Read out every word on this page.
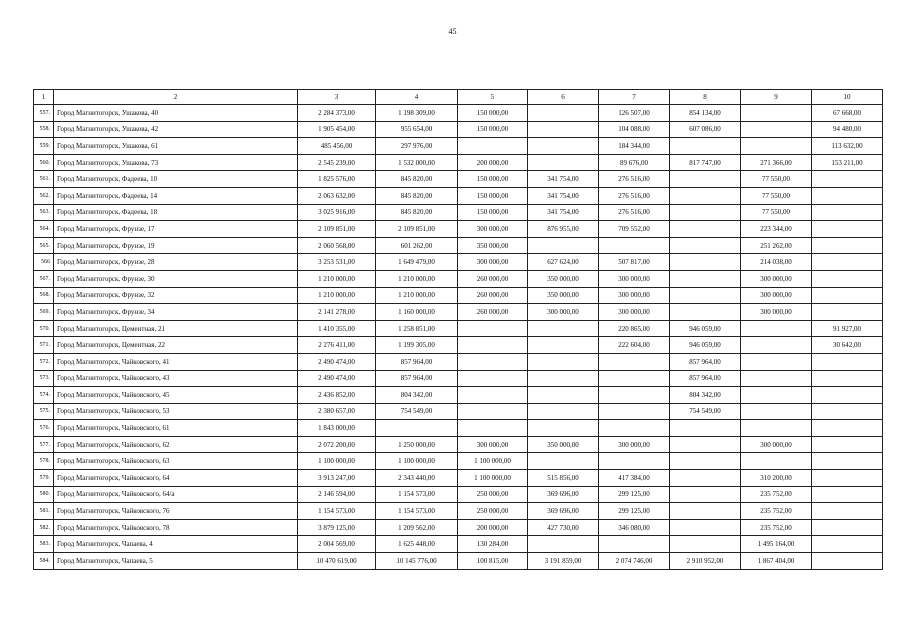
45
1	2	3	4	5	6	7	8	9	10
557.	Город Магнитогорск, Ушакова, 40	2 284 373,00	1 198 309,00	150 000,00		126 507,00	854 134,00		67 668,00
558.	Город Магнитогорск, Ушакова, 42	1 905 454,00	955 654,00	150 000,00		104 088,00	607 086,00		94 480,00
559.	Город Магнитогорск, Ушакова, 61	485 456,00	297 976,00			184 344,00			113 632,00
560.	Город Магнитогорск, Ушакова, 73	2 545 239,00	1 532 000,00	200 000,00		89 676,00	817 747,00	271 366,00	153 211,00
561.	Город Магнитогорск, Фадеева, 10	1 825 576,00	845 820,00	150 000,00	341 754,00	276 516,00		77 550,00	
562.	Город Магнитогорск, Фадеева, 14	2 063 632,00	845 820,00	150 000,00	341 754,00	276 516,00		77 550,00	
563.	Город Магнитогорск, Фадеева, 18	3 025 916,00	845 820,00	150 000,00	341 754,00	276 516,00		77 550,00	
564.	Город Магнитогорск, Фрунзе, 17	2 109 851,00	2 109 851,00	300 000,00	876 955,00	709 552,00		223 344,00	
565.	Город Магнитогорск, Фрунзе, 19	2 060 568,00	601 262,00	350 000,00				251 262,00	
566	Город Магнитогорск, Фрунзе, 28	3 253 531,00	1 649 479,00	300 000,00	627 624,00	507 817,00		214 038,00	
567.	Город Магнитогорск, Фрунзе, 30	1 210 000,00	1 210 000,00	260 000,00	350 000,00	300 000,00		300 000,00	
568.	Город Магнитогорск, Фрунзе, 32	1 210 000,00	1 210 000,00	260 000,00	350 000,00	300 000,00		300 000,00	
569.	Город Магнитогорск, Фрунзе, 34	2 141 278,00	1 160 000,00	260 000,00	300 000,00	300 000,00		300 000,00	
570.	Город Магнитогорск, Цементная, 21	1 410 355,00	1 258 851,00			220 865,00	946 059,00		91 927,00
571.	Город Магнитогорск, Цементная, 22	2 276 411,00	1 199 305,00			222 604,00	946 059,00		30 642,00
572.	Город Магнитогорск, Чайковского, 41	2 490 474,00	857 964,00				857 964,00		
573.	Город Магнитогорск, Чайковского, 43	2 490 474,00	857 964,00				857 964,00		
574.	Город Магнитогорск, Чайковского, 45	2 436 852,00	804 342,00				804 342,00		
575.	Город Магнитогорск, Чайковского, 53	2 380 657,00	754 549,00				754 549,00		
576.	Город Магнитогорск, Чайковского, 61	1 843 000,00							
577.	Город Магнитогорск, Чайковского, 62	2 072 200,00	1 250 000,00	300 000,00	350 000,00	300 000,00		300 000,00	
578.	Город Магнитогорск, Чайковского, 63	1 100 000,00	1 100 000,00	1 100 000,00					
579.	Город Магнитогорск, Чайковского, 64	3 913 247,00	2 343 440,00	1 100 000,00	515 856,00	417 384,00		310 200,00	
580.	Город Магнитогорск, Чайковского, 64/а	2 146 594,00	1 154 573,00	250 000,00	369 696,00	299 125,00		235 752,00	
581.	Город Магнитогорск, Чайковского, 76	1 154 573,00	1 154 573,00	250 000,00	369 696,00	299 125,00		235 752,00	
582.	Город Магнитогорск, Чайковского, 78	3 879 125,00	1 209 562,00	200 000,00	427 730,00	346 080,00		235 752,00	
583.	Город Магнитогорск, Чапаева, 4	2 004 569,00	1 625 448,00	130 284,00				1 495 164,00	
584.	Город Магнитогорск, Чапаева, 5	10 470 619,00	10 145 776,00	100 815,00	3 191 859,00	2 074 746,00	2 910 952,00	1 867 404,00	
